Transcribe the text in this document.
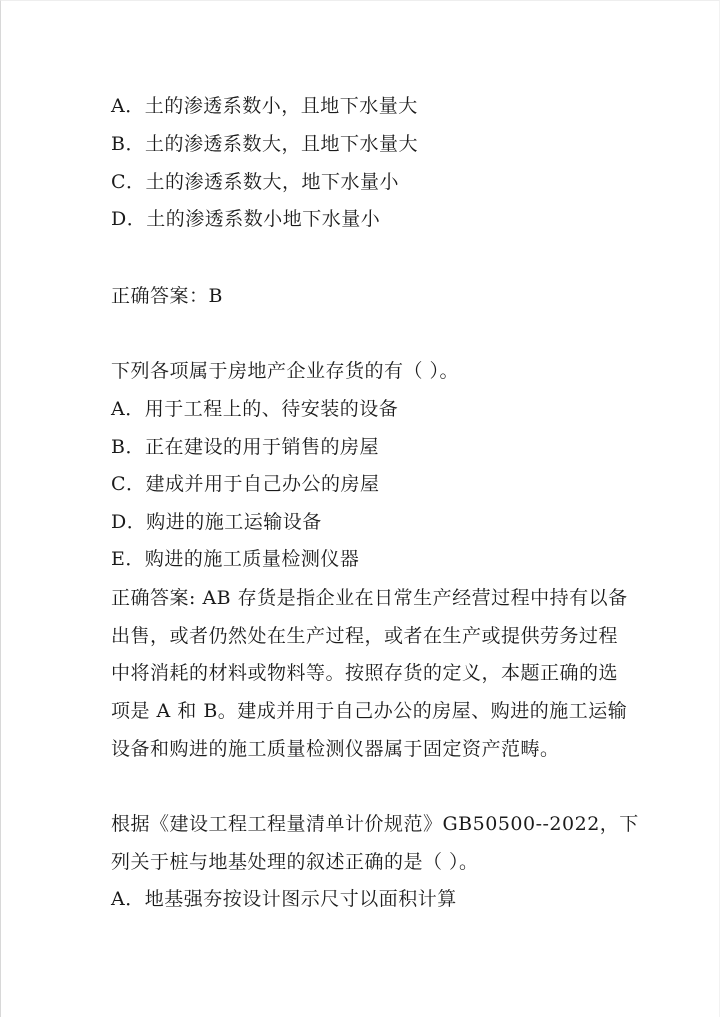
A．土的渗透系数小，且地下水量大
B．土的渗透系数大，且地下水量大
C．土的渗透系数大，地下水量小
D．土的渗透系数小地下水量小
正确答案：B
下列各项属于房地产企业存货的有（ ）。
A．用于工程上的、待安装的设备
B．正在建设的用于销售的房屋
C．建成并用于自己办公的房屋
D．购进的施工运输设备
E．购进的施工质量检测仪器
正确答案: AB 存货是指企业在日常生产经营过程中持有以备
出售，或者仍然处在生产过程，或者在生产或提供劳务过程
中将消耗的材料或物料等。按照存货的定义，本题正确的选
项是 A 和 B。建成并用于自己办公的房屋、购进的施工运输
设备和购进的施工质量检测仪器属于固定资产范畴。
根据《建设工程工程量清单计价规范》GB50500--2022，下
列关于桩与地基处理的叙述正确的是（ ）。
A．地基强夯按设计图示尺寸以面积计算
